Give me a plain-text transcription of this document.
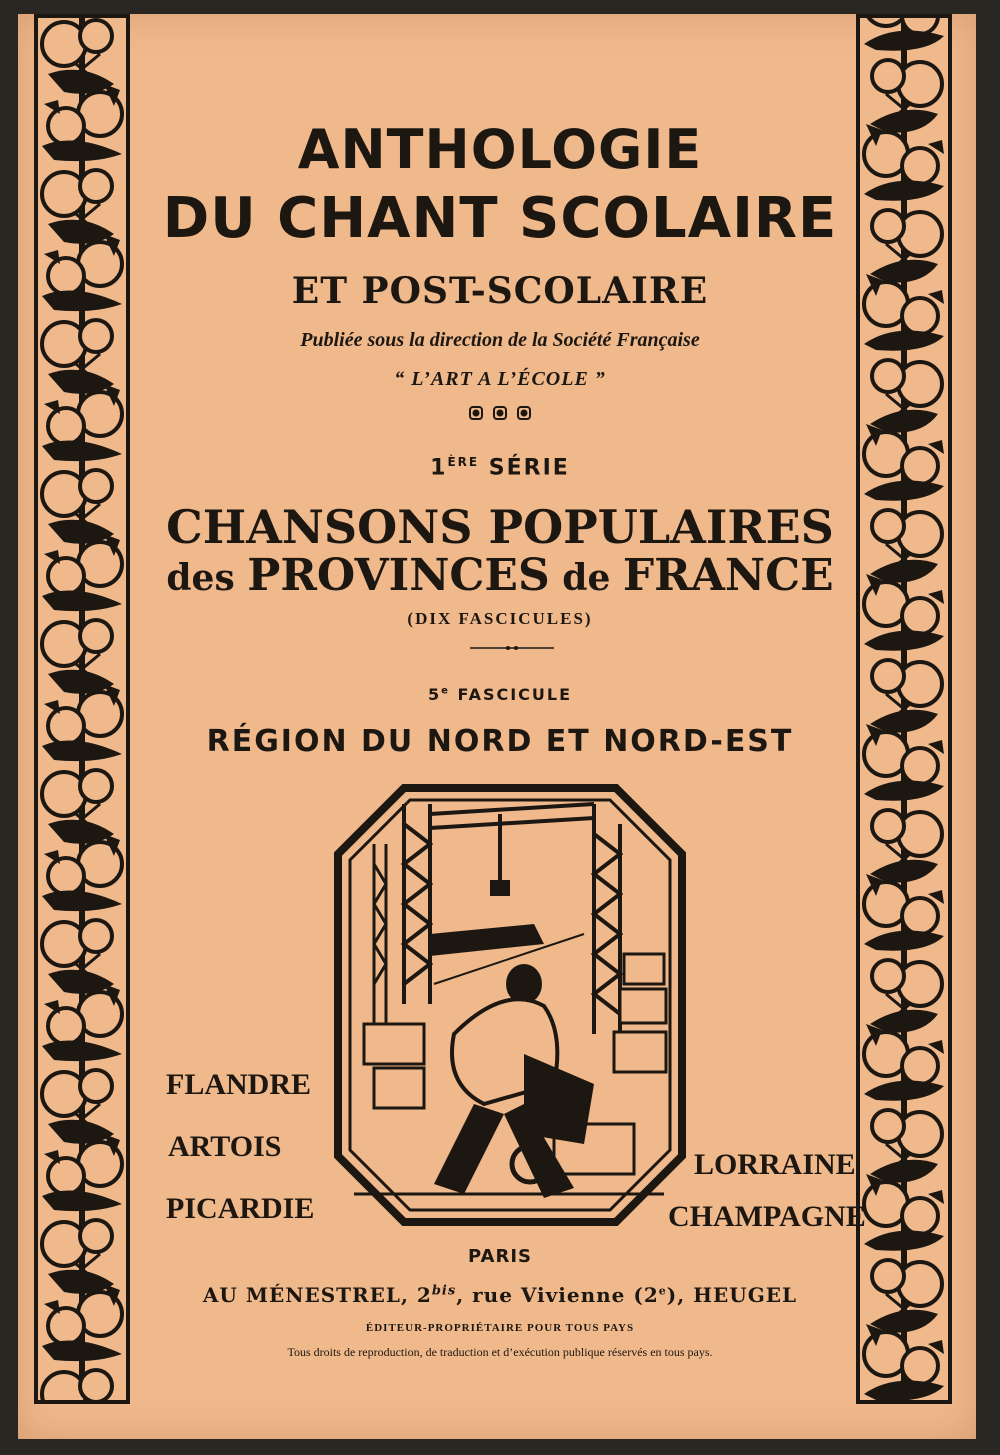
ANTHOLOGIE
DU CHANT SCOLAIRE
ET POST-SCOLAIRE

Publiée sous la direction de la Société Française

“ L’ART A L’ÉCOLE ”

1ÈRE SÉRIE

CHANSONS POPULAIRES
des PROVINCES de FRANCE

(DIX FASCICULES)

5e FASCICULE

RÉGION DU NORD ET NORD-EST

FLANDRE

ARTOIS

PICARDIE

LORRAINE

CHAMPAGNE

PARIS

AU MÉNESTREL, $2^{bis}$, rue Vivienne (2e), HEUGEL

ÉDITEUR-PROPRIÉTAIRE POUR TOUS PAYS

Tous droits de reproduction, de traduction et d’exécution publique réservés en tous pays.
